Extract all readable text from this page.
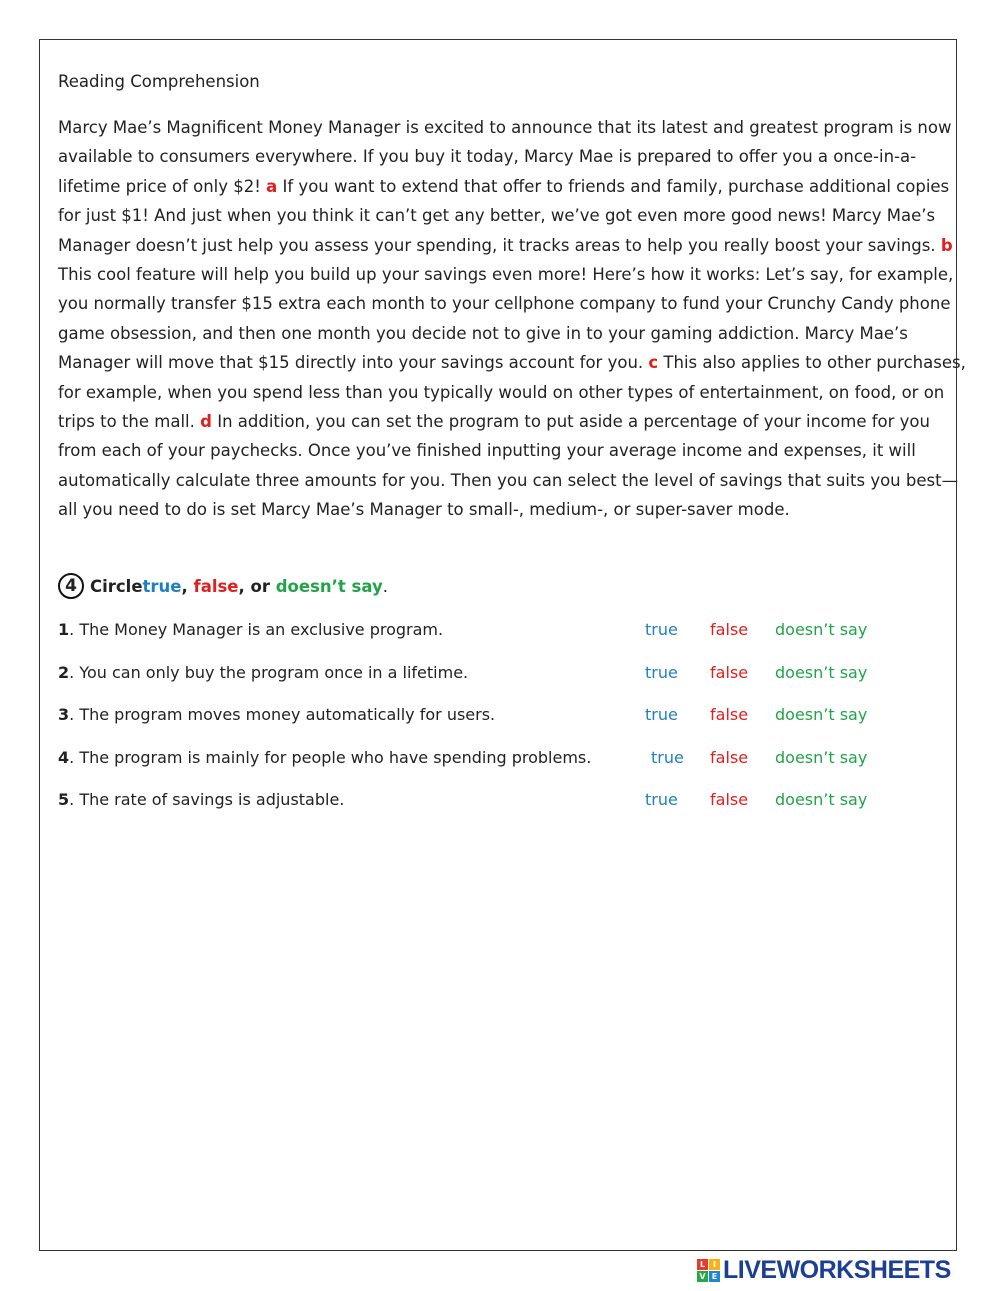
Reading Comprehension
Marcy Mae’s Magnificent Money Manager is excited to announce that its latest and greatest program is now
available to consumers everywhere. If you buy it today, Marcy Mae is prepared to offer you a once-in-a-
lifetime price of only $2! a If you want to extend that offer to friends and family, purchase additional copies
for just $1! And just when you think it can’t get any better, we’ve got even more good news! Marcy Mae’s
Manager doesn’t just help you assess your spending, it tracks areas to help you really boost your savings. b
This cool feature will help you build up your savings even more! Here’s how it works: Let’s say, for example,
you normally transfer $15 extra each month to your cellphone company to fund your Crunchy Candy phone
game obsession, and then one month you decide not to give in to your gaming addiction. Marcy Mae’s
Manager will move that $15 directly into your savings account for you. c This also applies to other purchases,
for example, when you spend less than you typically would on other types of entertainment, on food, or on
trips to the mall. d In addition, you can set the program to put aside a percentage of your income for you
from each of your paychecks. Once you’ve finished inputting your average income and expenses, it will
automatically calculate three amounts for you. Then you can select the level of savings that suits you best—
all you need to do is set Marcy Mae’s Manager to small-, medium-, or super-saver mode.
4 Circle true , false , or doesn’t say .
1. The Money Manager is an exclusive program.	true false doesn’t say
2. You can only buy the program once in a lifetime.	true false doesn’t say
3. The program moves money automatically for users.	true false doesn’t say
4. The program is mainly for people who have spending problems.	true false doesn’t say
5. The rate of savings is adjustable.	true false doesn’t say
L I
V E LIVEWORKSHEETS
